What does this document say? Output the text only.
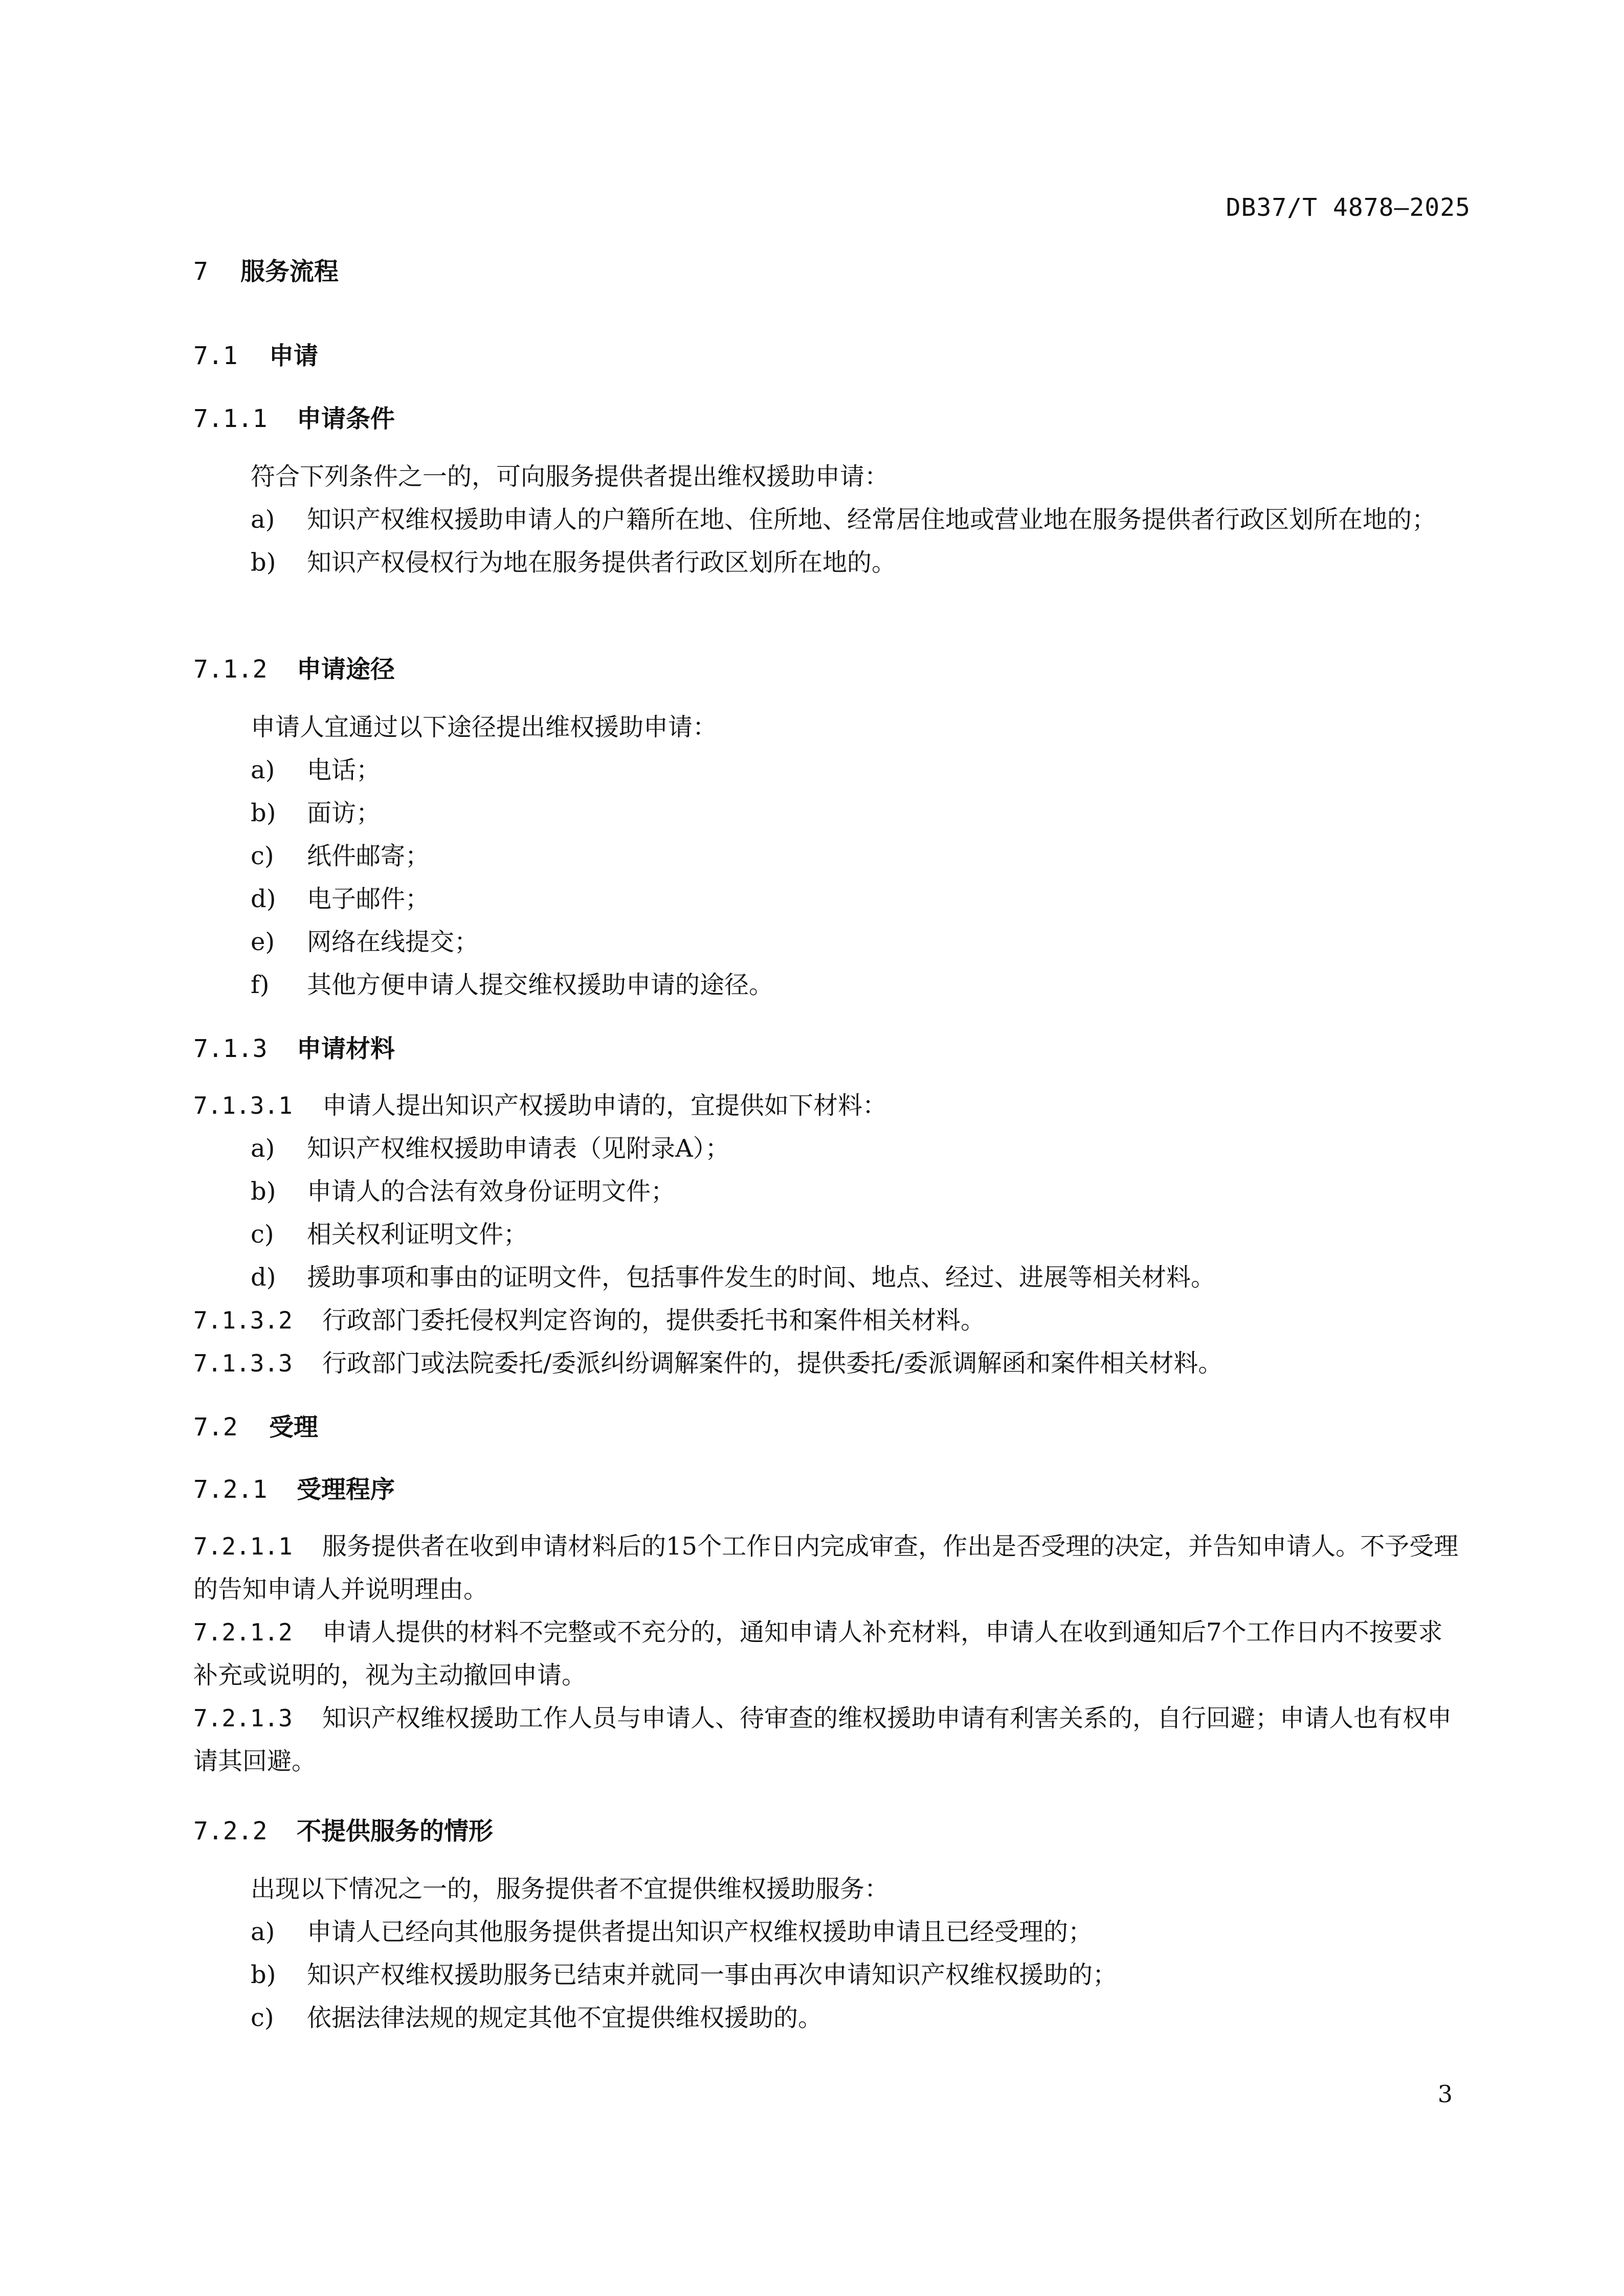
DB37/T 4878—2025
7 服务流程
7.1 申请
7.1.1 申请条件
符合下列条件之一的，可向服务提供者提出维权援助申请：
a)	知识产权维权援助申请人的户籍所在地、住所地、经常居住地或营业地在服务提供者行政区划所在地的；
b)	知识产权侵权行为地在服务提供者行政区划所在地的。
7.1.2 申请途径
申请人宜通过以下途径提出维权援助申请：
a)	电话；
b)	面访；
c)	纸件邮寄；
d)	电子邮件；
e)	网络在线提交；
f)	其他方便申请人提交维权援助申请的途径。
7.1.3 申请材料
7.1.3.1 申请人提出知识产权援助申请的，宜提供如下材料：
a)	知识产权维权援助申请表（见附录A）；
b)	申请人的合法有效身份证明文件；
c)	相关权利证明文件；
d)	援助事项和事由的证明文件，包括事件发生的时间、地点、经过、进展等相关材料。
7.1.3.2 行政部门委托侵权判定咨询的，提供委托书和案件相关材料。
7.1.3.3 行政部门或法院委托/委派纠纷调解案件的，提供委托/委派调解函和案件相关材料。
7.2 受理
7.2.1 受理程序
7.2.1.1 服务提供者在收到申请材料后的15个工作日内完成审查，作出是否受理的决定，并告知申请人。不予受理的告知申请人并说明理由。
7.2.1.2 申请人提供的材料不完整或不充分的，通知申请人补充材料，申请人在收到通知后7个工作日内不按要求补充或说明的，视为主动撤回申请。
7.2.1.3 知识产权维权援助工作人员与申请人、待审查的维权援助申请有利害关系的，自行回避；申请人也有权申请其回避。
7.2.2 不提供服务的情形
出现以下情况之一的，服务提供者不宜提供维权援助服务：
a)	申请人已经向其他服务提供者提出知识产权维权援助申请且已经受理的；
b)	知识产权维权援助服务已结束并就同一事由再次申请知识产权维权援助的；
c)	依据法律法规的规定其他不宜提供维权援助的。
3
